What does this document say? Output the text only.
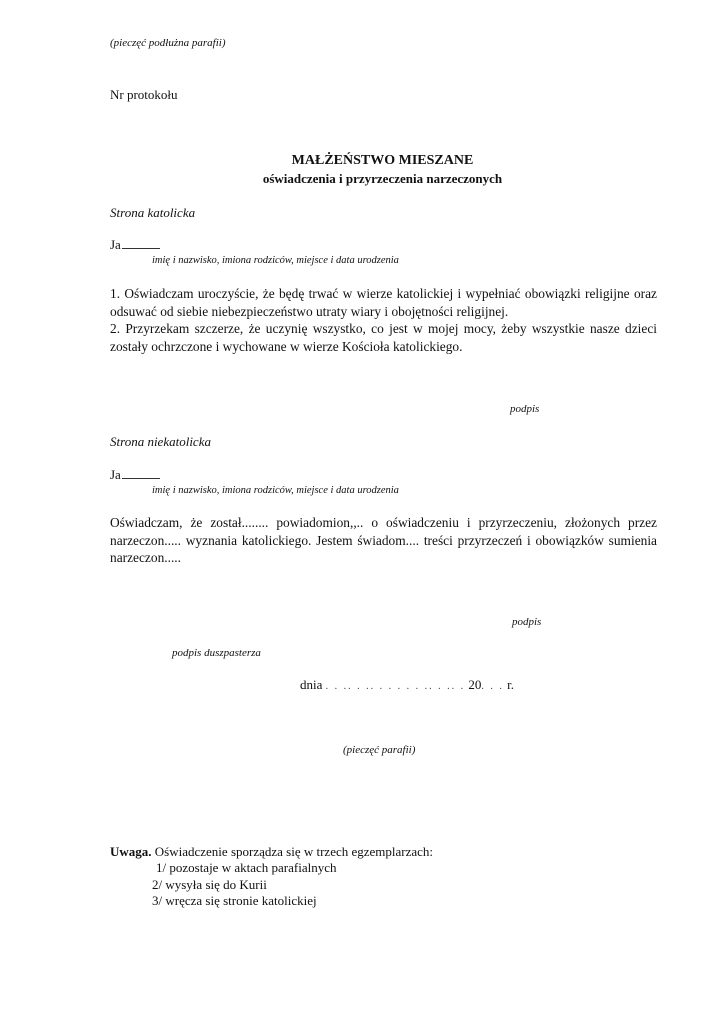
(pieczęć podłużna parafii)
Nr protokołu
MAŁŻEŃSTWO MIESZANE
oświadczenia i przyrzeczenia narzeczonych
Strona katolicka
Ja
imię i nazwisko, imiona rodziców, miejsce i data urodzenia
1. Oświadczam uroczyście, że będę trwać w wierze katolickiej i wypełniać obowiązki religijne oraz odsuwać od siebie niebezpieczeństwo utraty wiary i obojętności religijnej.
2. Przyrzekam szczerze, że uczynię wszystko, co jest w mojej mocy, żeby wszystkie nasze dzieci zostały ochrzczone i wychowane w wierze Kościoła katolickiego.
podpis
Strona niekatolicka
Ja
imię i nazwisko, imiona rodziców, miejsce i data urodzenia
Oświadczam, że został........ powiadomion,,.. o oświadczeniu i przyrzeczeniu, złożonych przez narzeczon..... wyznania katolickiego. Jestem świadom.... treści przyrzeczeń i obowiązków sumienia narzeczon.....
podpis
podpis duszpasterza
dnia . . .. . .. . . . . . .. . .. . 20. . . r.
(pieczęć parafii)
Uwaga. Oświadczenie sporządza się w trzech egzemplarzach:
1/ pozostaje w aktach parafialnych
2/ wysyła się do Kurii
3/ wręcza się stronie katolickiej
